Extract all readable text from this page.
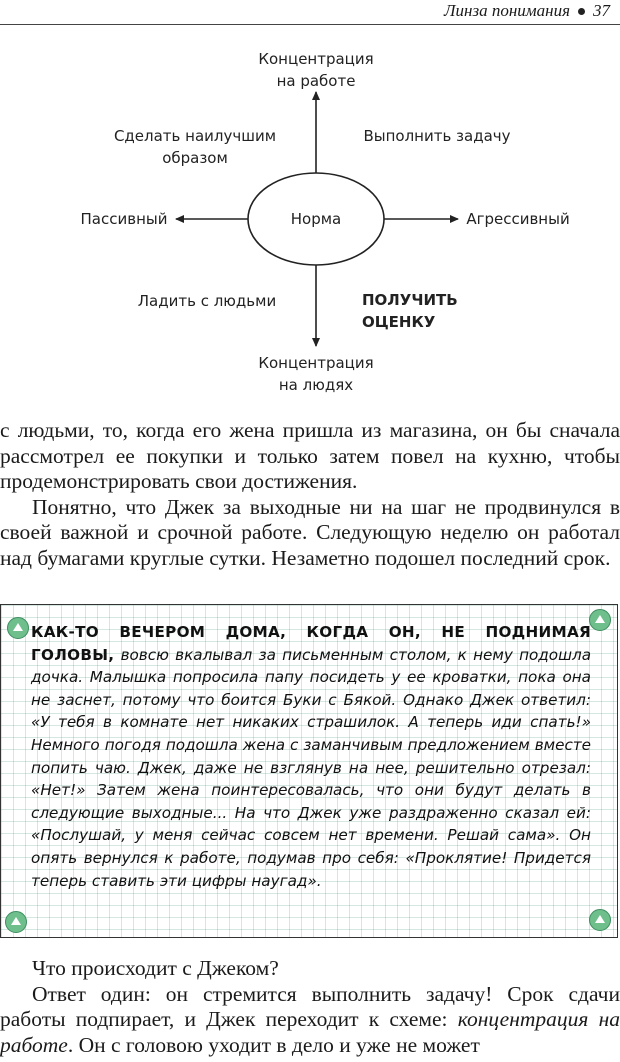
Линза понимания 37
Концентрация
на работе
Сделать наилучшим
образом
Выполнить задачу
Пассивный	Норма	Агрессивный
Ладить с людьми	ПОЛУЧИТЬ
ОЦЕНКУ
Концентрация
на людях

с людьми, то, когда его жена пришла из магазина, он бы сначала рассмотрел ее покупки и только затем повел на кухню, чтобы продемонстрировать свои достижения.

Понятно, что Джек за выходные ни на шаг не продвинулся в своей важной и срочной работе. Следующую неделю он работал над бумагами круглые сутки. Незаметно подошел последний срок.

КАК-ТО ВЕЧЕРОМ ДОМА, КОГДА ОН, НЕ ПОДНИМАЯ ГОЛОВЫ, вовсю вкалывал за письменным столом, к нему подошла дочка. Малышка попросила папу посидеть у ее кроватки, пока она не заснет, потому что боится Буки с Бякой. Однако Джек ответил: «У тебя в комнате нет никаких страшилок. А теперь иди спать!» Немного погодя подошла жена с заманчивым предложением вместе попить чаю. Джек, даже не взглянув на нее, решительно отрезал: «Нет!» Затем жена поинтересовалась, что они будут делать в следующие выходные... На что Джек уже раздраженно сказал ей: «Послушай, у меня сейчас совсем нет времени. Решай сама». Он опять вернулся к работе, подумав про себя: «Проклятие! Придется теперь ставить эти цифры наугад».

Что происходит с Джеком?

Ответ один: он стремится выполнить задачу! Срок сдачи работы подпирает, и Джек переходит к схеме: концентрация на работе. Он с головою уходит в дело и уже не может
